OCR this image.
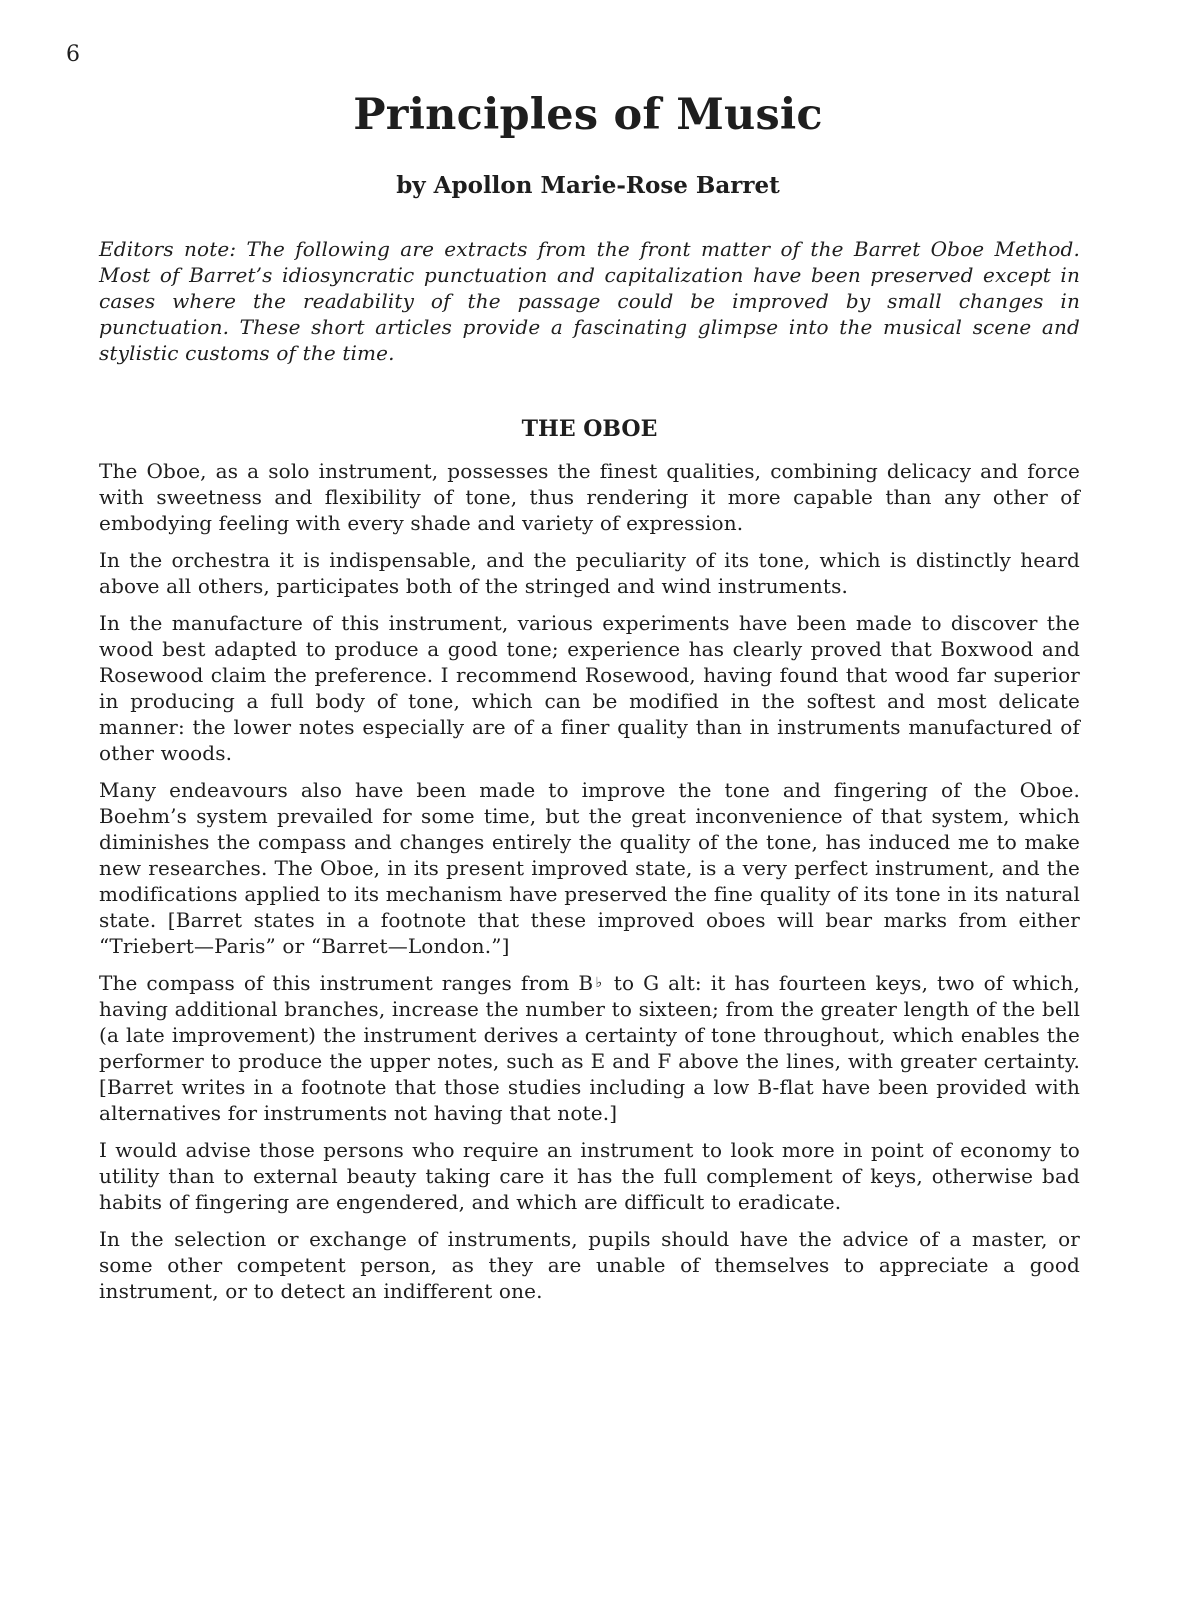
6
Principles of Music
by Apollon Marie-Rose Barret

Editors note: The following are extracts from the front matter of the Barret Oboe Method. Most of Barret’s idiosyncratic punctuation and capitalization have been preserved except in cases where the readability of the passage could be improved by small changes in punctuation. These short articles provide a fascinating glimpse into the musical scene and stylistic customs of the time.

THE OBOE

The Oboe, as a solo instrument, possesses the finest qualities, combining delicacy and force with sweetness and flexibility of tone, thus rendering it more capable than any other of embodying feeling with every shade and variety of expression.

In the orchestra it is indispensable, and the peculiarity of its tone, which is distinctly heard above all others, participates both of the stringed and wind instruments.

In the manufacture of this instrument, various experiments have been made to discover the wood best adapted to produce a good tone; experience has clearly proved that Boxwood and Rosewood claim the preference. I recommend Rosewood, having found that wood far superior in producing a full body of tone, which can be modified in the softest and most delicate manner: the lower notes especially are of a finer quality than in instruments manufactured of other woods.

Many endeavours also have been made to improve the tone and fingering of the Oboe. Boehm’s system prevailed for some time, but the great inconvenience of that system, which diminishes the compass and changes entirely the quality of the tone, has induced me to make new researches. The Oboe, in its present improved state, is a very perfect instrument, and the modifications applied to its mechanism have preserved the fine quality of its tone in its natural state. [Barret states in a footnote that these improved oboes will bear marks from either “Triebert—Paris” or “Barret—London.”]

The compass of this instrument ranges from B♭ to G alt: it has fourteen keys, two of which, having additional branches, increase the number to sixteen; from the greater length of the bell (a late improvement) the instrument derives a certainty of tone throughout, which enables the performer to produce the upper notes, such as E and F above the lines, with greater certainty. [Barret writes in a footnote that those studies including a low B-flat have been provided with alternatives for instruments not having that note.]

I would advise those persons who require an instrument to look more in point of economy to utility than to external beauty taking care it has the full complement of keys, otherwise bad habits of fingering are engendered, and which are difficult to eradicate.

In the selection or exchange of instruments, pupils should have the advice of a master, or some other competent person, as they are unable of themselves to appreciate a good instrument, or to detect an indifferent one.
